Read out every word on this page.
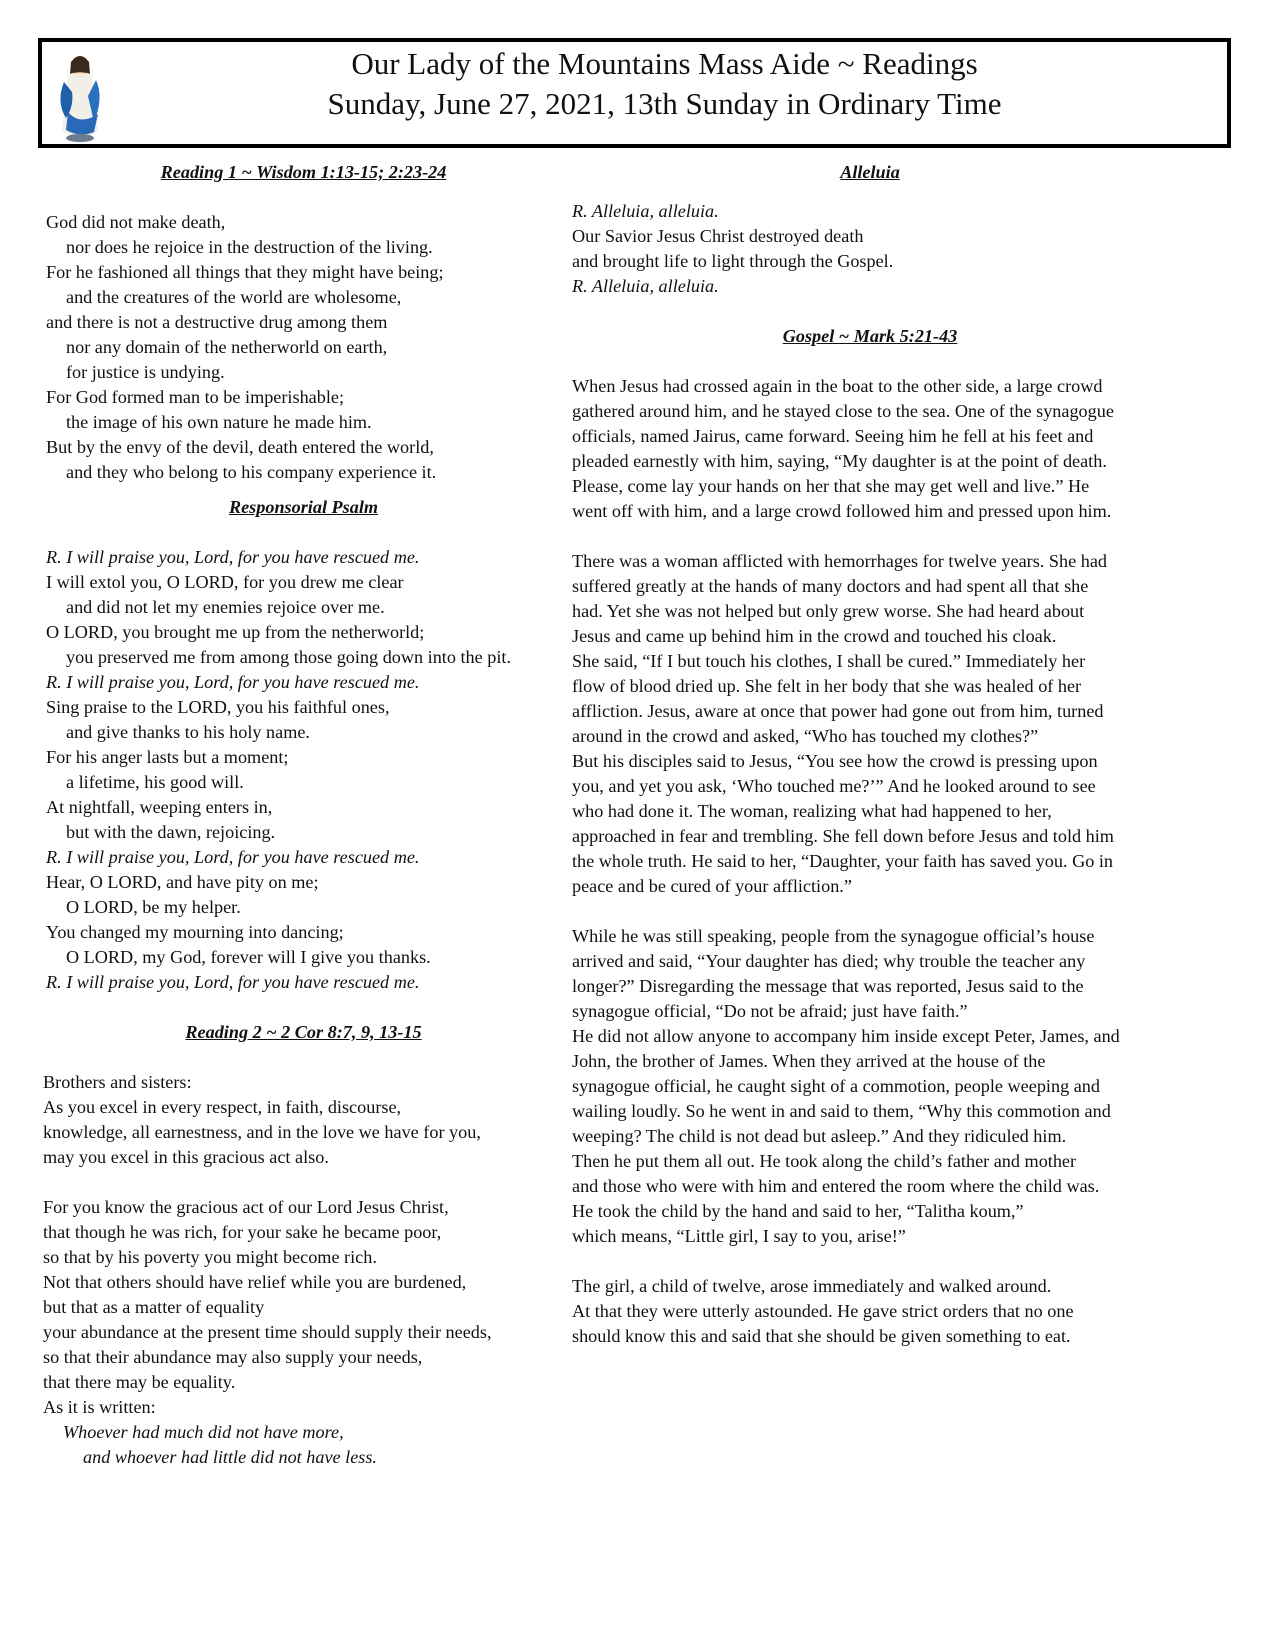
Our Lady of the Mountains Mass Aide ~ Readings
Sunday, June 27, 2021, 13th Sunday in Ordinary Time
Reading 1 ~ Wisdom 1:13-15; 2:23-24
God did not make death,
nor does he rejoice in the destruction of the living.
For he fashioned all things that they might have being;
and the creatures of the world are wholesome,
and there is not a destructive drug among them
nor any domain of the netherworld on earth,
for justice is undying.
For God formed man to be imperishable;
the image of his own nature he made him.
But by the envy of the devil, death entered the world,
and they who belong to his company experience it.
Responsorial Psalm
R. I will praise you, Lord, for you have rescued me.
I will extol you, O LORD, for you drew me clear
and did not let my enemies rejoice over me.
O LORD, you brought me up from the netherworld;
you preserved me from among those going down into the pit.
R. I will praise you, Lord, for you have rescued me.
Sing praise to the LORD, you his faithful ones,
and give thanks to his holy name.
For his anger lasts but a moment;
a lifetime, his good will.
At nightfall, weeping enters in,
but with the dawn, rejoicing.
R. I will praise you, Lord, for you have rescued me.
Hear, O LORD, and have pity on me;
O LORD, be my helper.
You changed my mourning into dancing;
O LORD, my God, forever will I give you thanks.
R. I will praise you, Lord, for you have rescued me.
Reading 2 ~ 2 Cor 8:7, 9, 13-15
Brothers and sisters:
As you excel in every respect, in faith, discourse,
knowledge, all earnestness, and in the love we have for you,
may you excel in this gracious act also.

For you know the gracious act of our Lord Jesus Christ,
that though he was rich, for your sake he became poor,
so that by his poverty you might become rich.
Not that others should have relief while you are burdened,
but that as a matter of equality
your abundance at the present time should supply their needs,
so that their abundance may also supply your needs,
that there may be equality.
As it is written:
Whoever had much did not have more,
and whoever had little did not have less.
Alleluia
R. Alleluia, alleluia.
Our Savior Jesus Christ destroyed death
and brought life to light through the Gospel.
R. Alleluia, alleluia.
Gospel ~ Mark 5:21-43
When Jesus had crossed again in the boat to the other side, a large crowd
gathered around him, and he stayed close to the sea. One of the synagogue
officials, named Jairus, came forward. Seeing him he fell at his feet and
pleaded earnestly with him, saying, “My daughter is at the point of death.
Please, come lay your hands on her that she may get well and live.” He
went off with him, and a large crowd followed him and pressed upon him.

There was a woman afflicted with hemorrhages for twelve years. She had
suffered greatly at the hands of many doctors and had spent all that she
had. Yet she was not helped but only grew worse. She had heard about
Jesus and came up behind him in the crowd and touched his cloak.
She said, “If I but touch his clothes, I shall be cured.” Immediately her
flow of blood dried up. She felt in her body that she was healed of her
affliction. Jesus, aware at once that power had gone out from him, turned
around in the crowd and asked, “Who has touched my clothes?”
But his disciples said to Jesus, “You see how the crowd is pressing upon
you, and yet you ask, ‘Who touched me?’” And he looked around to see
who had done it. The woman, realizing what had happened to her,
approached in fear and trembling. She fell down before Jesus and told him
the whole truth. He said to her, “Daughter, your faith has saved you. Go in
peace and be cured of your affliction.”

While he was still speaking, people from the synagogue official’s house
arrived and said, “Your daughter has died; why trouble the teacher any
longer?” Disregarding the message that was reported, Jesus said to the
synagogue official, “Do not be afraid; just have faith.”
He did not allow anyone to accompany him inside except Peter, James, and
John, the brother of James. When they arrived at the house of the
synagogue official, he caught sight of a commotion, people weeping and
wailing loudly. So he went in and said to them, “Why this commotion and
weeping? The child is not dead but asleep.” And they ridiculed him.
Then he put them all out. He took along the child’s father and mother
and those who were with him and entered the room where the child was.
He took the child by the hand and said to her, “Talitha koum,”
which means, “Little girl, I say to you, arise!”

The girl, a child of twelve, arose immediately and walked around.
At that they were utterly astounded. He gave strict orders that no one
should know this and said that she should be given something to eat.
